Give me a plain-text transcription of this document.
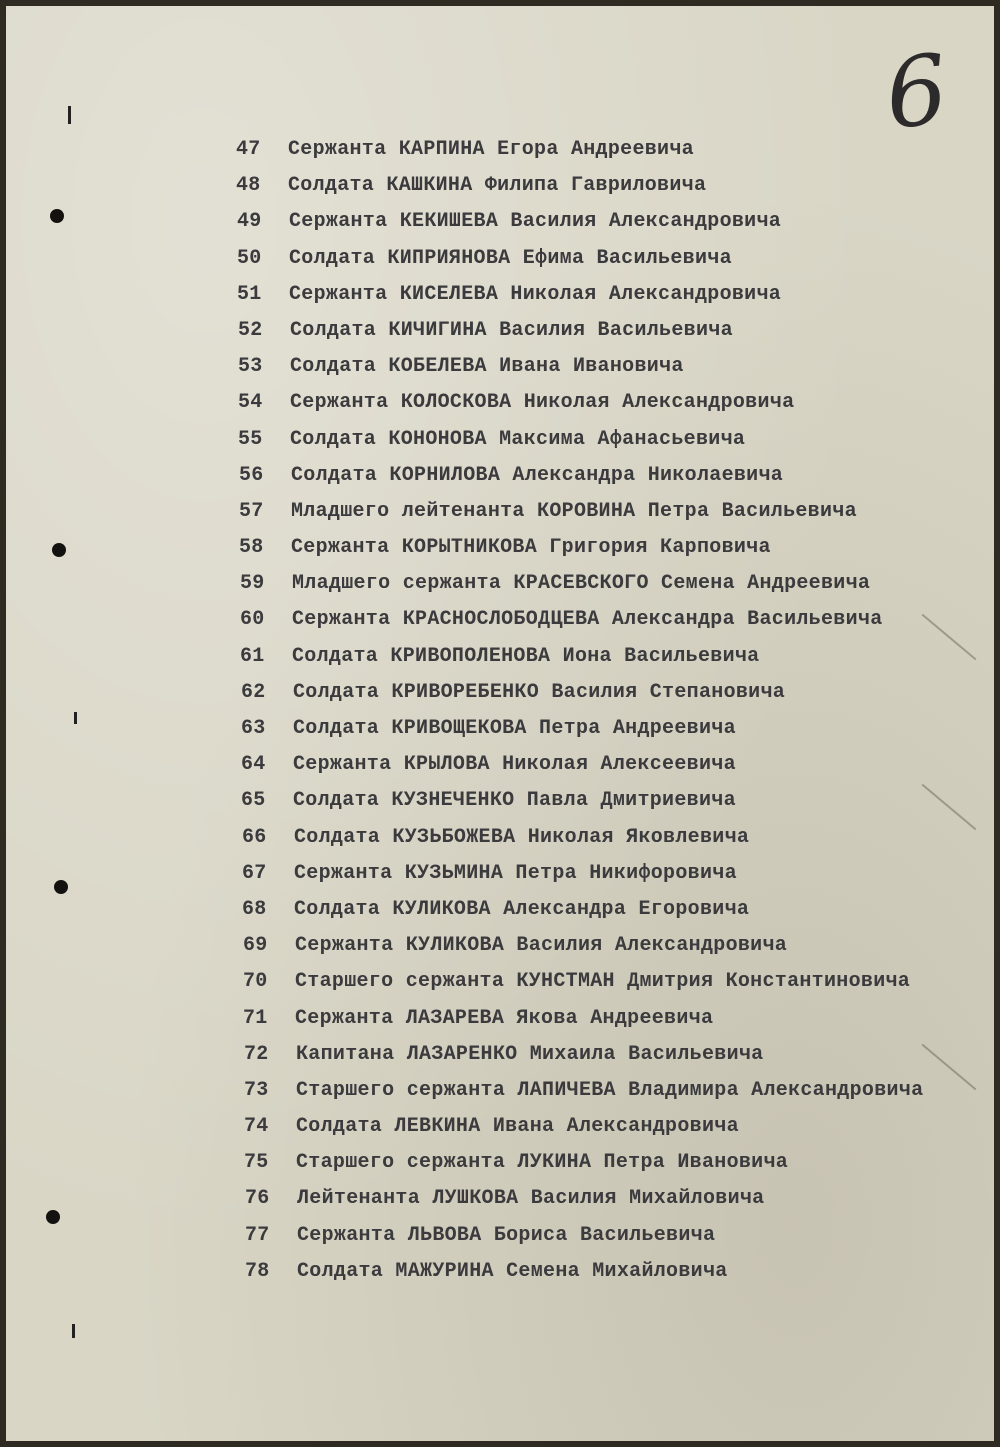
6
47	Сержанта КАРПИНА Егора Андреевича
48	Солдата КАШКИНА Филипа Гавриловича
49	Сержанта КЕКИШЕВА Василия Александровича
50	Солдата КИПРИЯНОВА Ефима Васильевича
51	Сержанта КИСЕЛЕВА Николая Александровича
52	Солдата КИЧИГИНА Василия Васильевича
53	Солдата КОБЕЛЕВА Ивана Ивановича
54	Сержанта КОЛОСКОВА Николая Александровича
55	Солдата КОНОНОВА Максима Афанасьевича
56	Солдата КОРНИЛОВА Александра Николаевича
57	Младшего лейтенанта КОРОВИНА Петра Васильевича
58	Сержанта КОРЫТНИКОВА Григория Карповича
59	Младшего сержанта КРАСЕВСКОГО Семена Андреевича
60	Сержанта КРАСНОСЛОБОДЦЕВА Александра Васильевича
61	Солдата КРИВОПОЛЕНОВА Иона Васильевича
62	Солдата КРИВОРЕБЕНКО Василия Степановича
63	Солдата КРИВОЩЕКОВА Петра Андреевича
64	Сержанта КРЫЛОВА Николая Алексеевича
65	Солдата КУЗНЕЧЕНКО Павла Дмитриевича
66	Солдата КУЗЬБОЖЕВА Николая Яковлевича
67	Сержанта КУЗЬМИНА Петра Никифоровича
68	Солдата КУЛИКОВА Александра Егоровича
69	Сержанта КУЛИКОВА Василия Александровича
70	Старшего сержанта КУНСТМАН Дмитрия Константиновича
71	Сержанта ЛАЗАРЕВА Якова Андреевича
72	Капитана ЛАЗАРЕНКО Михаила Васильевича
73	Старшего сержанта ЛАПИЧЕВА Владимира Александровича
74	Солдата ЛЕВКИНА Ивана Александровича
75	Старшего сержанта ЛУКИНА Петра Ивановича
76	Лейтенанта ЛУШКОВА Василия Михайловича
77	Сержанта ЛЬВОВА Бориса Васильевича
78	Солдата МАЖУРИНА Семена Михайловича
